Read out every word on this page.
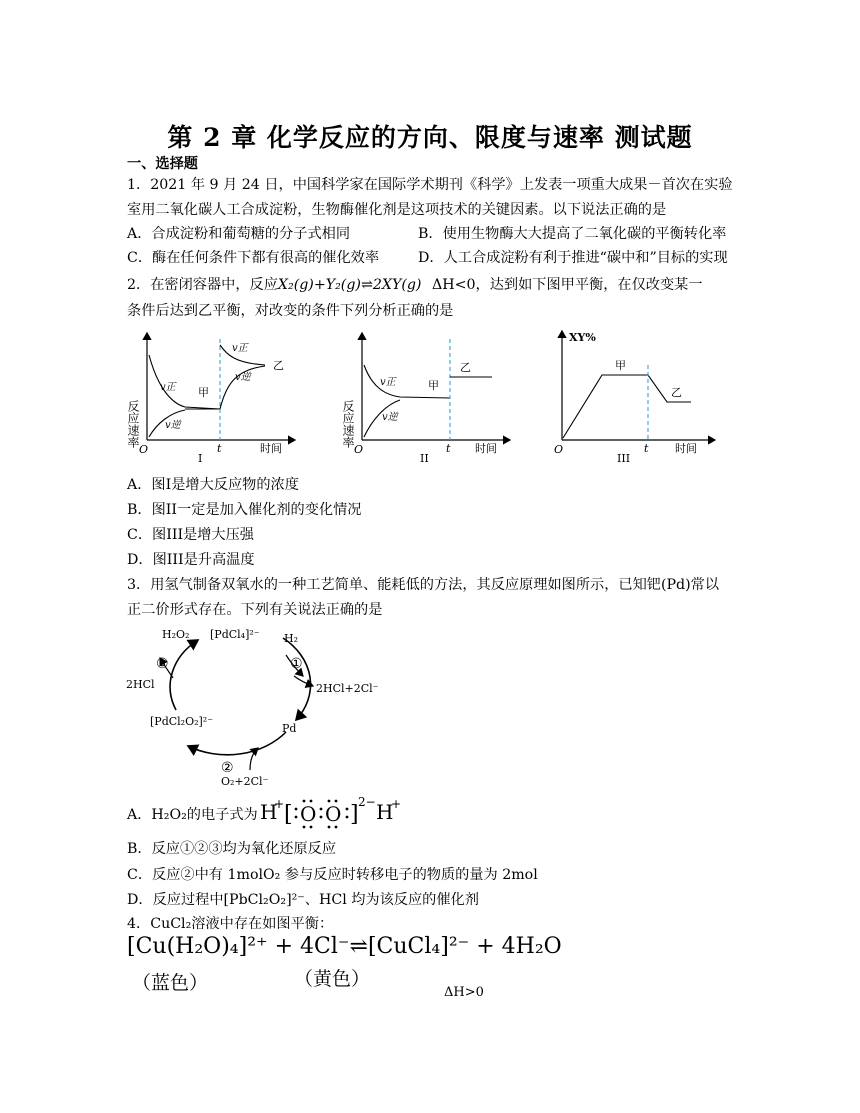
第 2 章 化学反应的方向、限度与速率 测试题
一、选择题
1．2021 年 9 月 24 日，中国科学家在国际学术期刊《科学》上发表一项重大成果－首次在实验
室用二氧化碳人工合成淀粉，生物酶催化剂是这项技术的关键因素。以下说法正确的是
A．合成淀粉和葡萄糖的分子式相同	B．使用生物酶大大提高了二氧化碳的平衡转化率
C．酶在任何条件下都有很高的催化效率	D．人工合成淀粉有利于推进“碳中和”目标的实现
2．在密闭容器中，反应X₂(g)+Y₂(g)⇌2XY(g) ΔH<0，达到如下图甲平衡，在仅改变某一
条件后达到乙平衡，对改变的条件下列分析正确的是
反应速率
v正
v逆
甲
v正
v逆
乙
O	t	时间
I
反应速率
v正
v逆
甲
乙
O	t 时间
II
XY%
甲
乙
O	t 时间
III
A．图I是增大反应物的浓度
B．图II一定是加入催化剂的变化情况
C．图III是增大压强
D．图III是升高温度
3．用氢气制备双氧水的一种工艺简单、能耗低的方法，其反应原理如图所示，已知钯(Pd)常以
正二价形式存在。下列有关说法正确的是
H₂O₂ [PdCl₄]²⁻ H₂
①
2HCl+2Cl⁻
Pd
②
O₂+2Cl⁻
[PdCl₂O₂]²⁻
2HCl
③
A．H₂O₂的电子式为 H
+ [ O O ] 2− H
+
B．反应①②③均为氧化还原反应
C．反应②中有 1molO₂ 参与反应时转移电子的物质的量为 2mol
D．反应过程中[PbCl₂O₂]²⁻、HCl 均为该反应的催化剂
4．CuCl₂溶液中存在如图平衡：
[Cu(H₂O)₄]²⁺ + 4Cl⁻⇌[CuCl₄]²⁻ + 4H₂O
（蓝色）	（黄色）
ΔH>0
